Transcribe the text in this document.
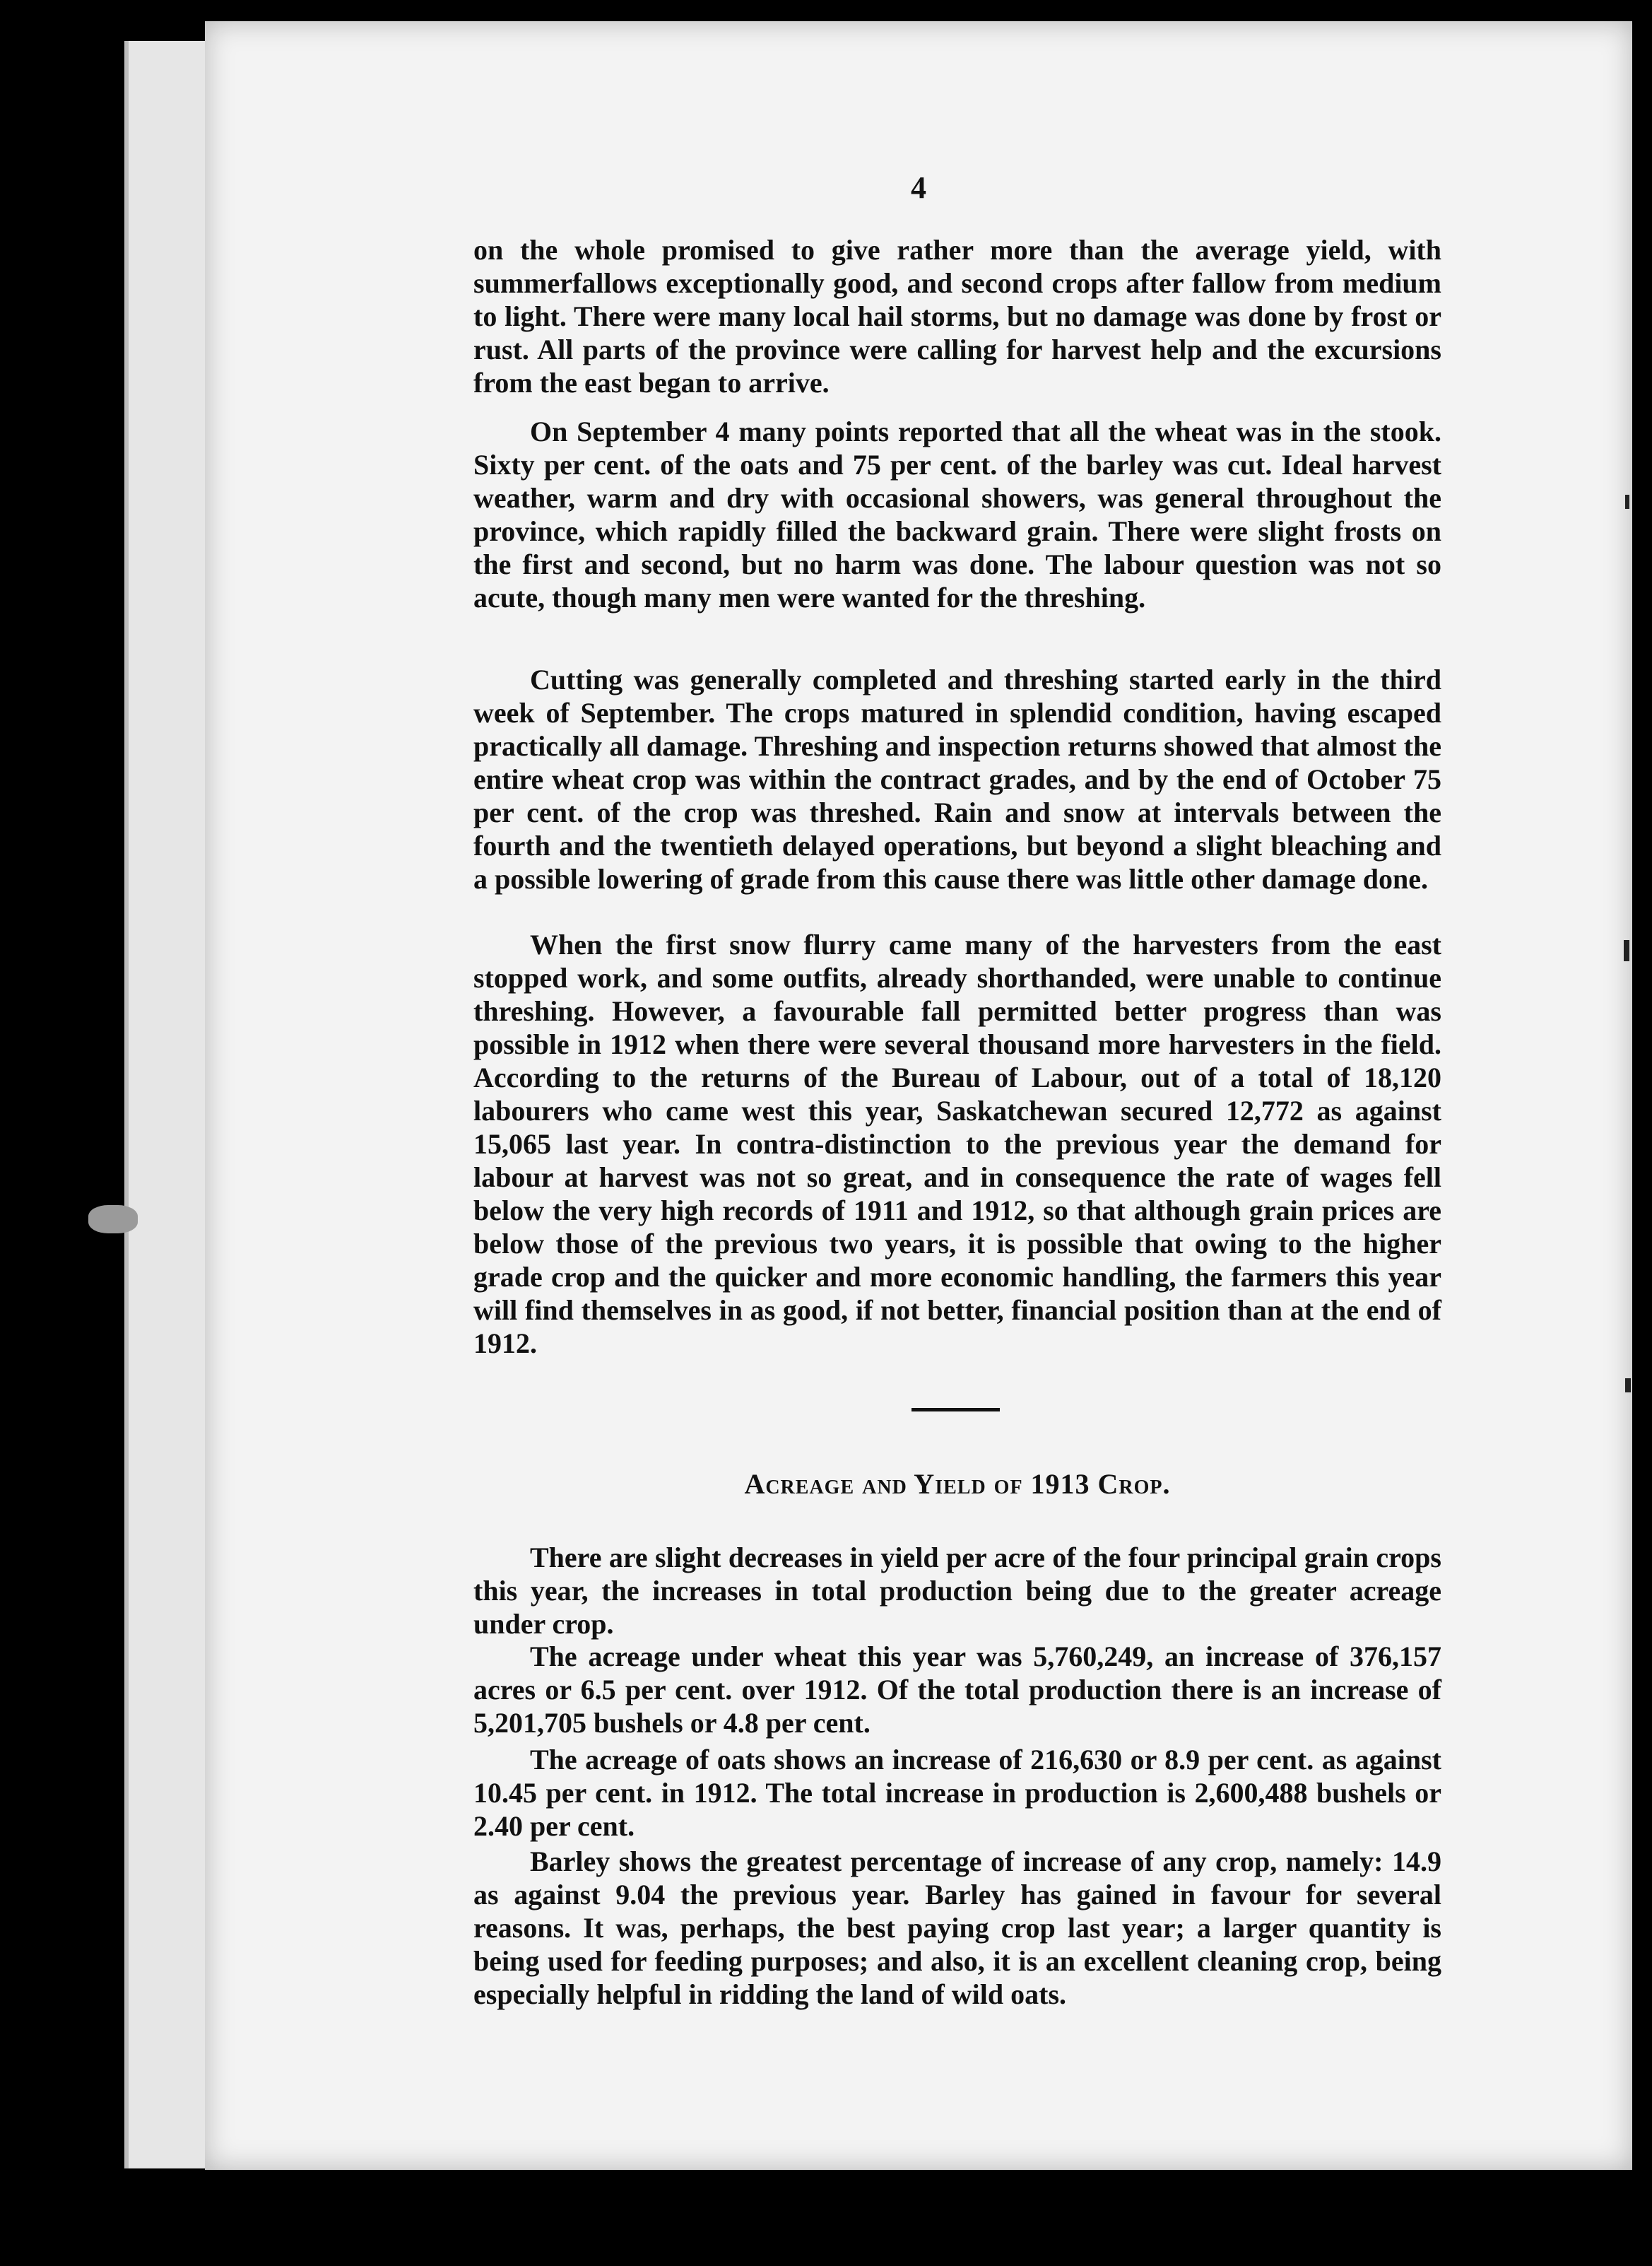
4

on the whole promised to give rather more than the average yield, with summerfallows exceptionally good, and second crops after fallow from medium to light. There were many local hail storms, but no damage was done by frost or rust. All parts of the province were calling for harvest help and the excursions from the east began to arrive.

On September 4 many points reported that all the wheat was in the stook. Sixty per cent. of the oats and 75 per cent. of the barley was cut. Ideal harvest weather, warm and dry with occasional showers, was general throughout the province, which rapidly filled the backward grain. There were slight frosts on the first and second, but no harm was done. The labour question was not so acute, though many men were wanted for the threshing.

Cutting was generally completed and threshing started early in the third week of September. The crops matured in splendid condition, having escaped practically all damage. Threshing and inspection returns showed that almost the entire wheat crop was within the contract grades, and by the end of October 75 per cent. of the crop was threshed. Rain and snow at intervals between the fourth and the twentieth delayed operations, but beyond a slight bleaching and a possible lowering of grade from this cause there was little other damage done.

When the first snow flurry came many of the harvesters from the east stopped work, and some outfits, already shorthanded, were unable to continue threshing. However, a favourable fall permitted better progress than was possible in 1912 when there were several thousand more harvesters in the field. According to the returns of the Bureau of Labour, out of a total of 18,120 labourers who came west this year, Saskatchewan secured 12,772 as against 15,065 last year. In contra-distinction to the previous year the demand for labour at harvest was not so great, and in consequence the rate of wages fell below the very high records of 1911 and 1912, so that although grain prices are below those of the previous two years, it is possible that owing to the higher grade crop and the quicker and more economic handling, the farmers this year will find themselves in as good, if not better, financial position than at the end of 1912.

Acreage and Yield of 1913 Crop.

There are slight decreases in yield per acre of the four principal grain crops this year, the increases in total production being due to the greater acreage under crop.

The acreage under wheat this year was 5,760,249, an increase of 376,157 acres or 6.5 per cent. over 1912. Of the total production there is an increase of 5,201,705 bushels or 4.8 per cent.

The acreage of oats shows an increase of 216,630 or 8.9 per cent. as against 10.45 per cent. in 1912. The total increase in production is 2,600,488 bushels or 2.40 per cent.

Barley shows the greatest percentage of increase of any crop, namely: 14.9 as against 9.04 the previous year. Barley has gained in favour for several reasons. It was, perhaps, the best paying crop last year; a larger quantity is being used for feeding purposes; and also, it is an excellent cleaning crop, being especially helpful in ridding the land of wild oats.
